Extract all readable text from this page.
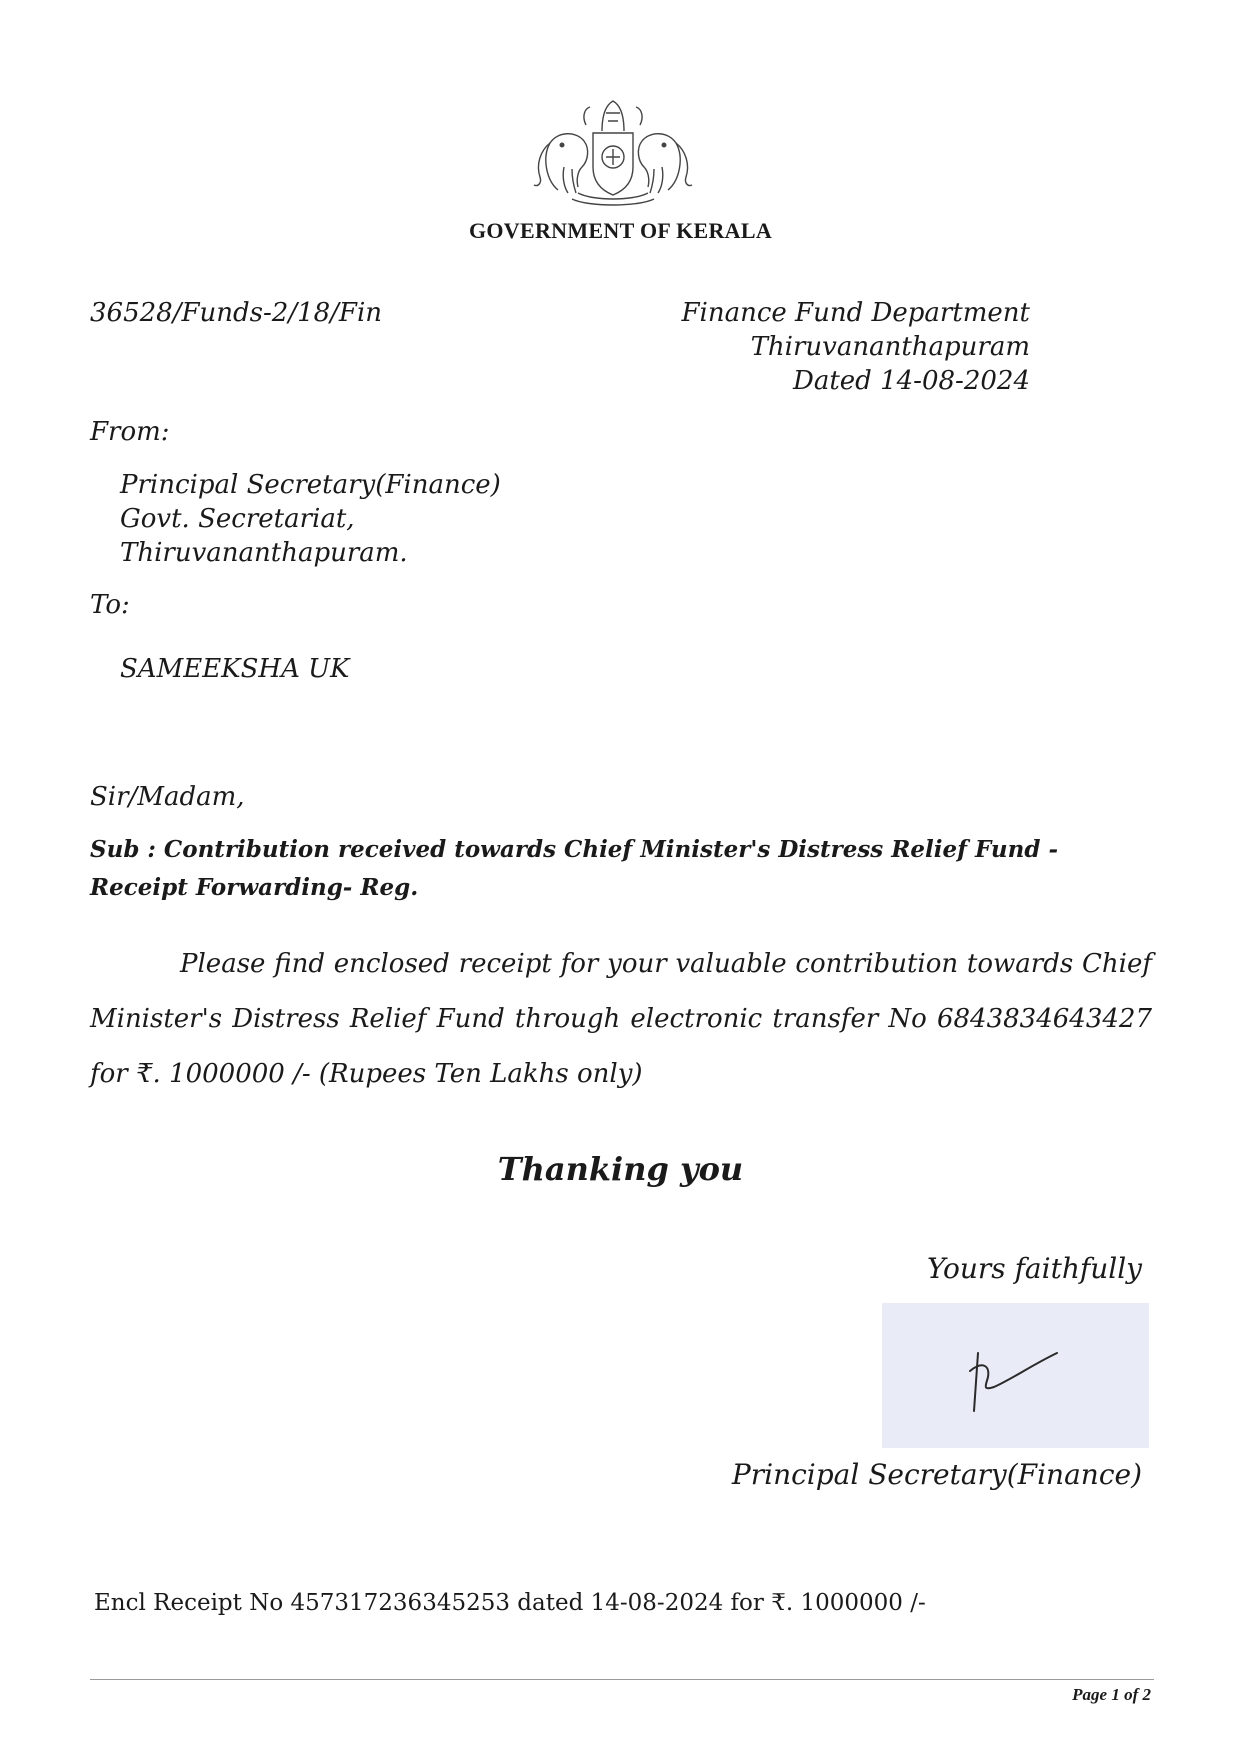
GOVERNMENT OF KERALA
36528/Funds-2/18/Fin	Finance Fund Department
Thiruvananthapuram
Dated 14-08-2024
From:
Principal Secretary(Finance)
Govt. Secretariat,
Thiruvananthapuram.
To:
SAMEEKSHA UK
Sir/Madam,
Sub : Contribution received towards Chief Minister's Distress Relief Fund - Receipt Forwarding- Reg.
Please find enclosed receipt for your valuable contribution towards Chief Minister's Distress Relief Fund through electronic transfer No 6843834643427 for ₹. 1000000 /- (Rupees Ten Lakhs only)
Thanking you
Yours faithfully
Principal Secretary(Finance)
Encl Receipt No 457317236345253 dated 14-08-2024 for ₹. 1000000 /-
Page 1 of 2
